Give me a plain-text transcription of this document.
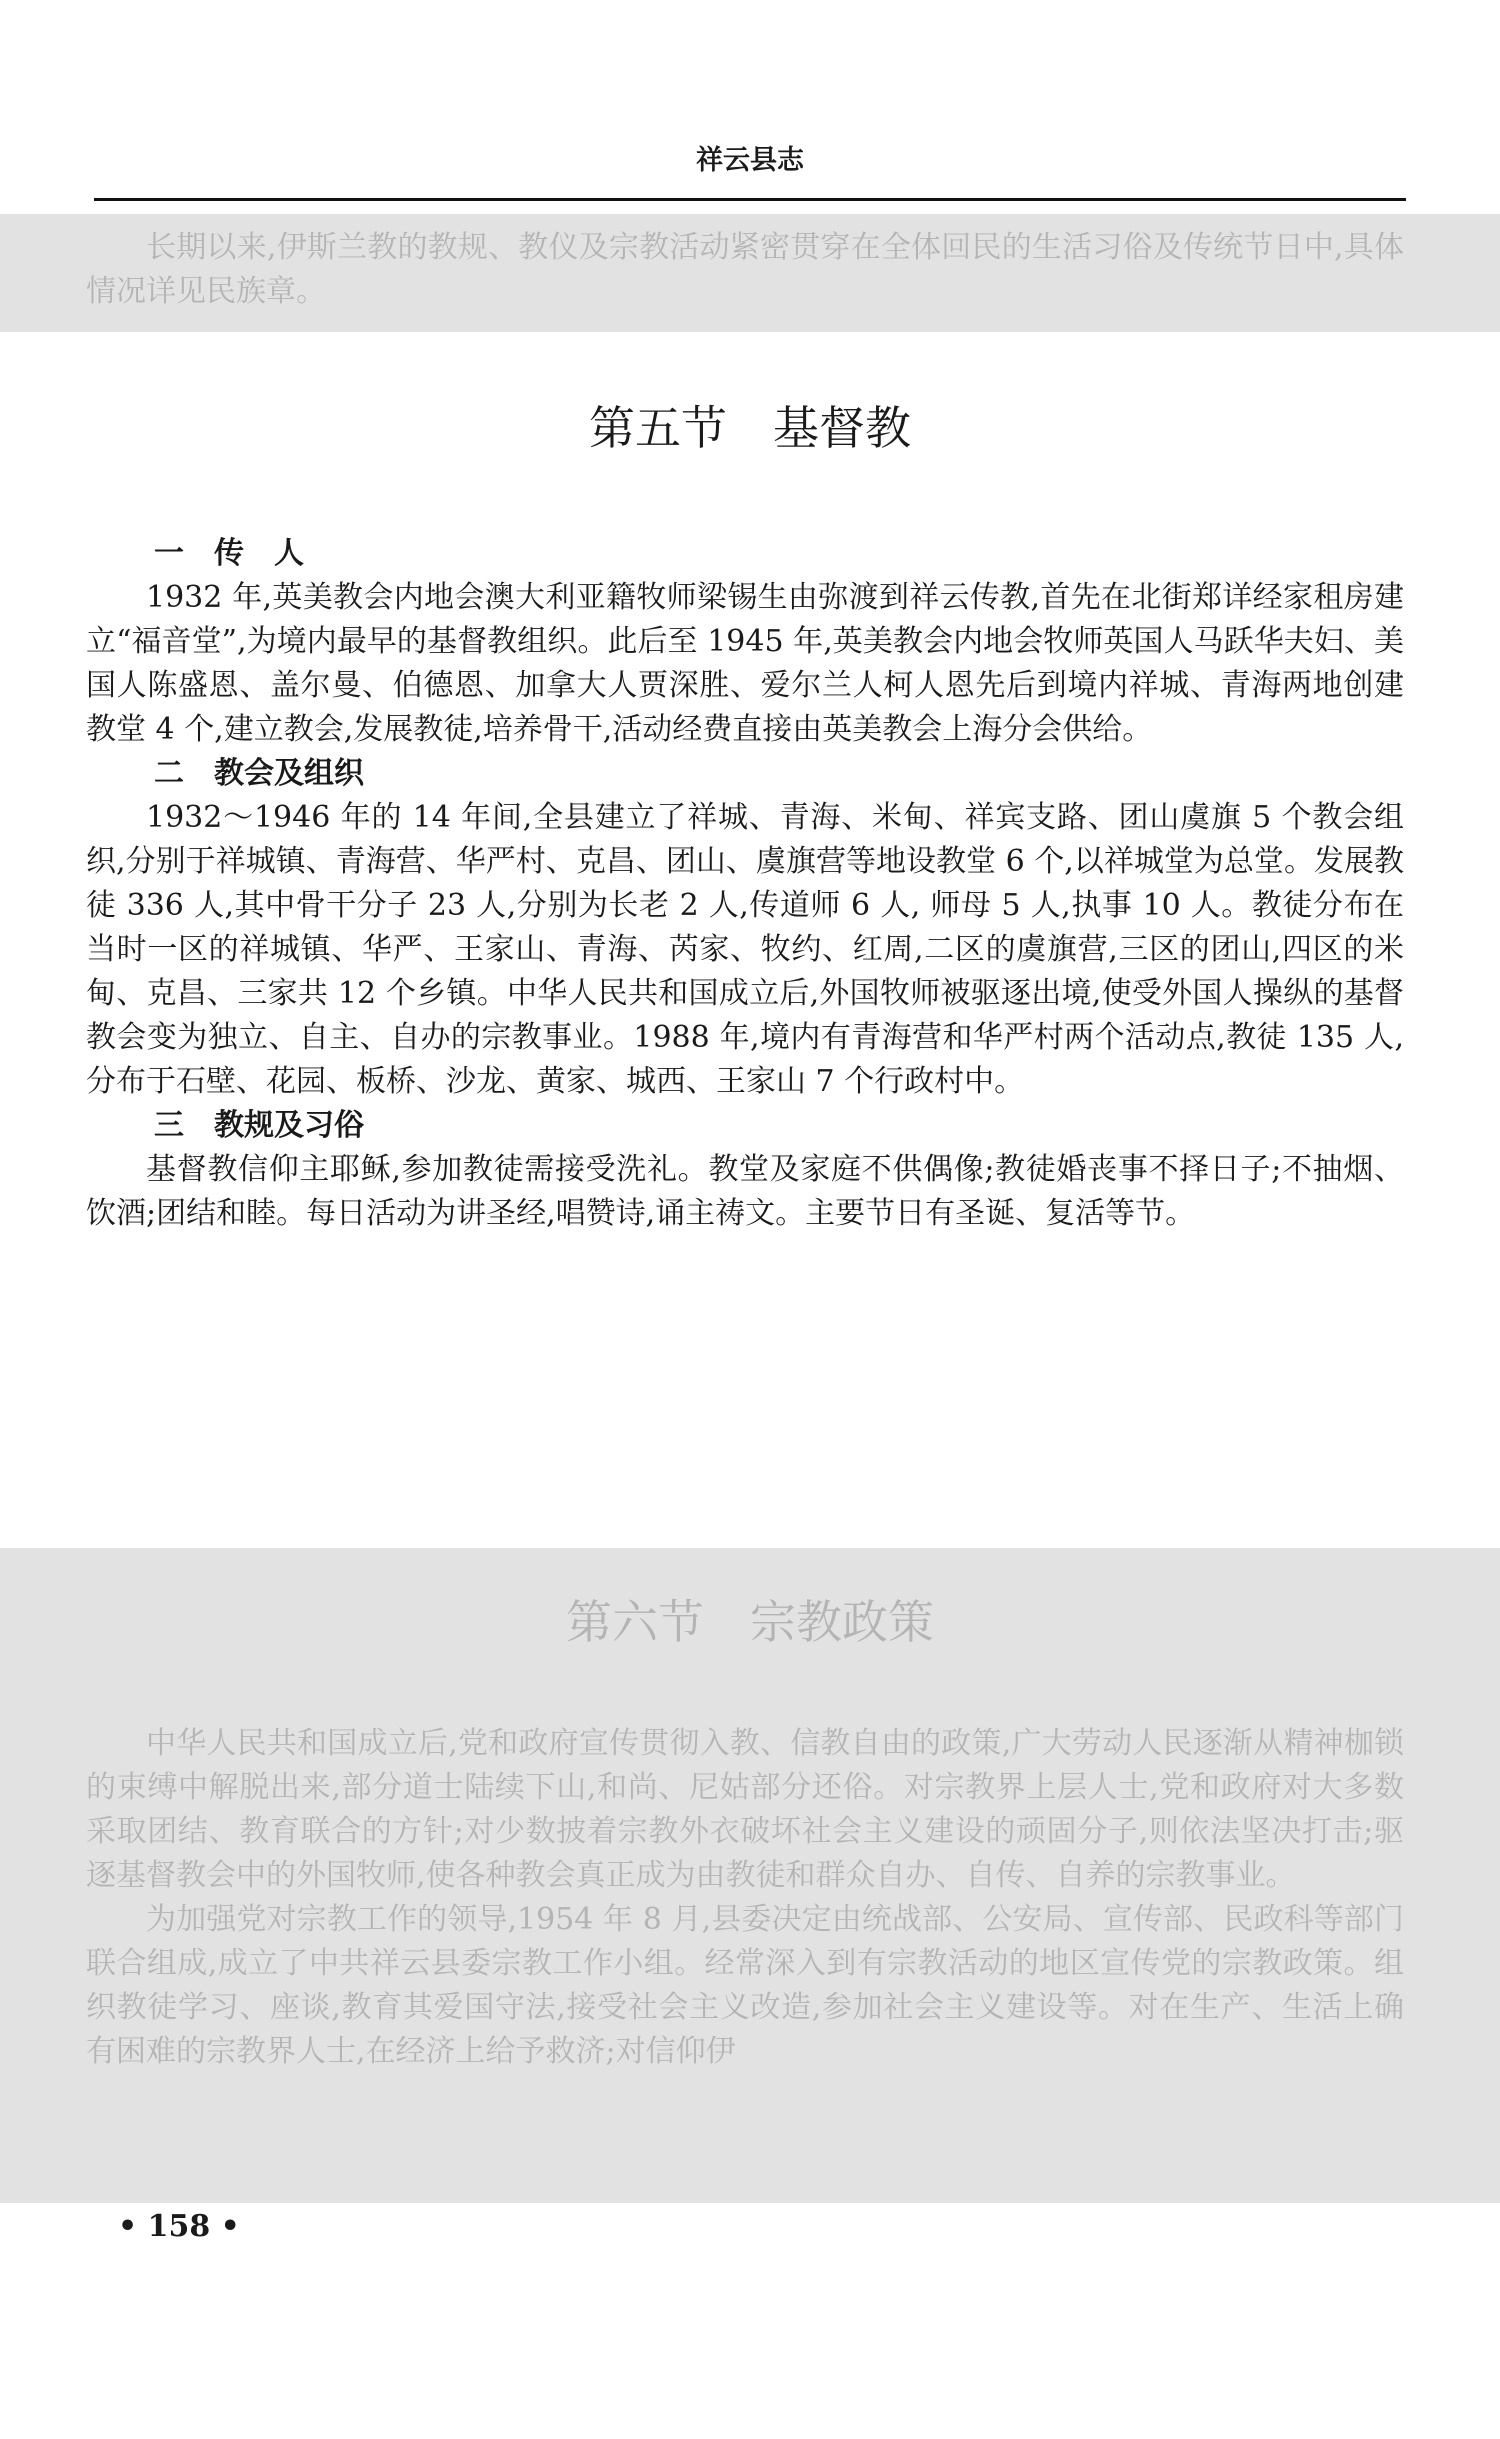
祥云县志

长期以来,伊斯兰教的教规、教仪及宗教活动紧密贯穿在全体回民的生活习俗及传统节日中,具体情况详见民族章。

第五节　基督教
一　传　人

1932 年,英美教会内地会澳大利亚籍牧师梁锡生由弥渡到祥云传教,首先在北街郑详经家租房建立“福音堂”,为境内最早的基督教组织。此后至 1945 年,英美教会内地会牧师英国人马跃华夫妇、美国人陈盛恩、盖尔曼、伯德恩、加拿大人贾深胜、爱尔兰人柯人恩先后到境内祥城、青海两地创建教堂 4 个,建立教会,发展教徒,培养骨干,活动经费直接由英美教会上海分会供给。

二　教会及组织

1932～1946 年的 14 年间,全县建立了祥城、青海、米甸、祥宾支路、团山虞旗 5 个教会组织,分别于祥城镇、青海营、华严村、克昌、团山、虞旗营等地设教堂 6 个,以祥城堂为总堂。发展教徒 336 人,其中骨干分子 23 人,分别为长老 2 人,传道师 6 人, 师母 5 人,执事 10 人。教徒分布在当时一区的祥城镇、华严、王家山、青海、芮家、牧约、红周,二区的虞旗营,三区的团山,四区的米甸、克昌、三家共 12 个乡镇。中华人民共和国成立后,外国牧师被驱逐出境,使受外国人操纵的基督教会变为独立、自主、自办的宗教事业。1988 年,境内有青海营和华严村两个活动点,教徒 135 人,分布于石壁、花园、板桥、沙龙、黄家、城西、王家山 7 个行政村中。

三　教规及习俗

基督教信仰主耶稣,参加教徒需接受洗礼。教堂及家庭不供偶像;教徒婚丧事不择日子;不抽烟、饮酒;团结和睦。每日活动为讲圣经,唱赞诗,诵主祷文。主要节日有圣诞、复活等节。

第六节　宗教政策

中华人民共和国成立后,党和政府宣传贯彻入教、信教自由的政策,广大劳动人民逐渐从精神枷锁的束缚中解脱出来,部分道士陆续下山,和尚、尼姑部分还俗。对宗教界上层人士,党和政府对大多数采取团结、教育联合的方针;对少数披着宗教外衣破坏社会主义建设的顽固分子,则依法坚决打击;驱逐基督教会中的外国牧师,使各种教会真正成为由教徒和群众自办、自传、自养的宗教事业。

为加强党对宗教工作的领导,1954 年 8 月,县委决定由统战部、公安局、宣传部、民政科等部门联合组成,成立了中共祥云县委宗教工作小组。经常深入到有宗教活动的地区宣传党的宗教政策。组织教徒学习、座谈,教育其爱国守法,接受社会主义改造,参加社会主义建设等。对在生产、生活上确有困难的宗教界人士,在经济上给予救济;对信仰伊

• 158 •
